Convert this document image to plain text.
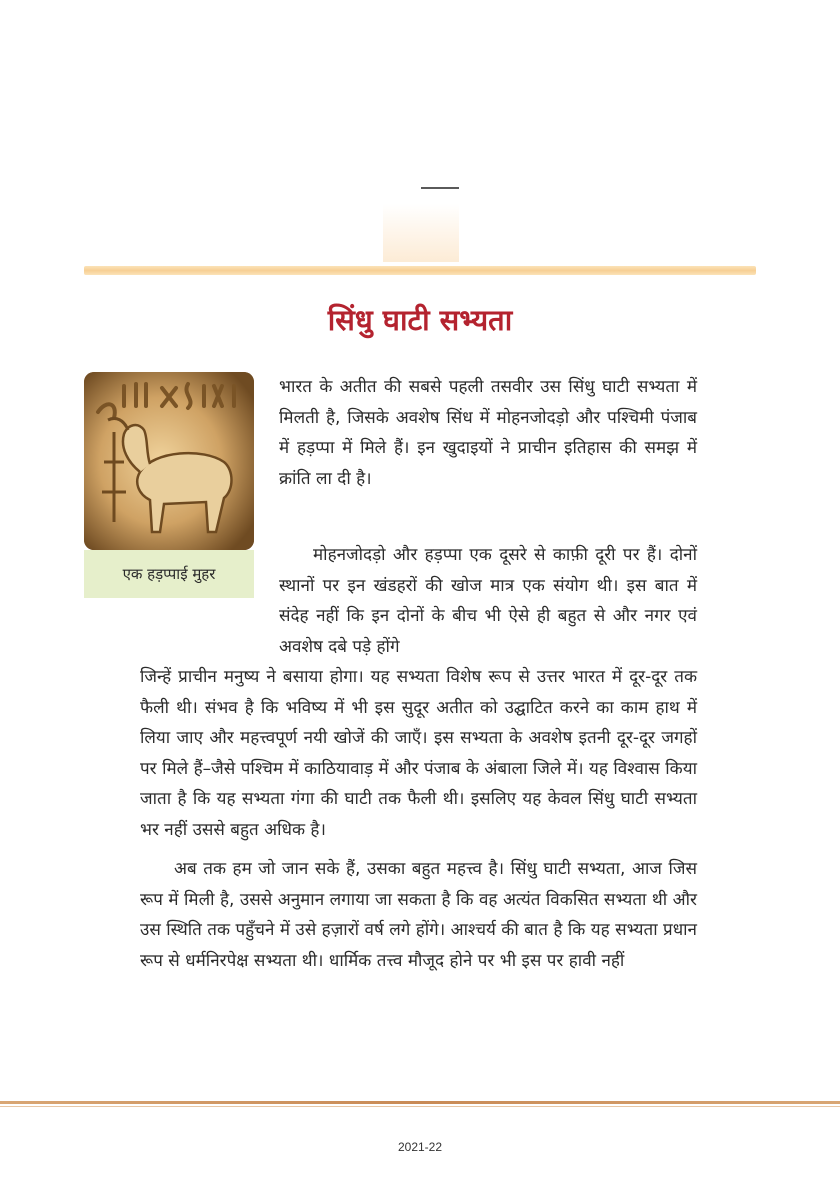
सिंधु घाटी सभ्यता
एक हड़प्पाई मुहर

भारत के अतीत की सबसे पहली तसवीर उस सिंधु घाटी सभ्यता में मिलती है, जिसके अवशेष सिंध में मोहनजोदड़ो और पश्चिमी पंजाब में हड़प्पा में मिले हैं। इन खुदाइयों ने प्राचीन इतिहास की समझ में क्रांति ला दी है।

मोहनजोदड़ो और हड़प्पा एक दूसरे से काफ़ी दूरी पर हैं। दोनों स्थानों पर इन खंडहरों की खोज मात्र एक संयोग थी। इस बात में संदेह नहीं कि इन दोनों के बीच भी ऐसे ही बहुत से और नगर एवं अवशेष दबे पड़े होंगे
जिन्हें प्राचीन मनुष्य ने बसाया होगा। यह सभ्यता विशेष रूप से उत्तर भारत में दूर-दूर तक फैली थी। संभव है कि भविष्य में भी इस सुदूर अतीत को उद्घाटित करने का काम हाथ में लिया जाए और महत्त्वपूर्ण नयी खोजें की जाएँ। इस सभ्यता के अवशेष इतनी दूर-दूर जगहों पर मिले हैं–जैसे पश्चिम में काठियावाड़ में और पंजाब के अंबाला जिले में। यह विश्वास किया जाता है कि यह सभ्यता गंगा की घाटी तक फैली थी। इसलिए यह केवल सिंधु घाटी सभ्यता भर नहीं उससे बहुत अधिक है।

अब तक हम जो जान सके हैं, उसका बहुत महत्त्व है। सिंधु घाटी सभ्यता, आज जिस रूप में मिली है, उससे अनुमान लगाया जा सकता है कि वह अत्यंत विकसित सभ्यता थी और उस स्थिति तक पहुँचने में उसे हज़ारों वर्ष लगे होंगे। आश्चर्य की बात है कि यह सभ्यता प्रधान रूप से धर्मनिरपेक्ष सभ्यता थी। धार्मिक तत्त्व मौजूद होने पर भी इस पर हावी नहीं

2021-22
